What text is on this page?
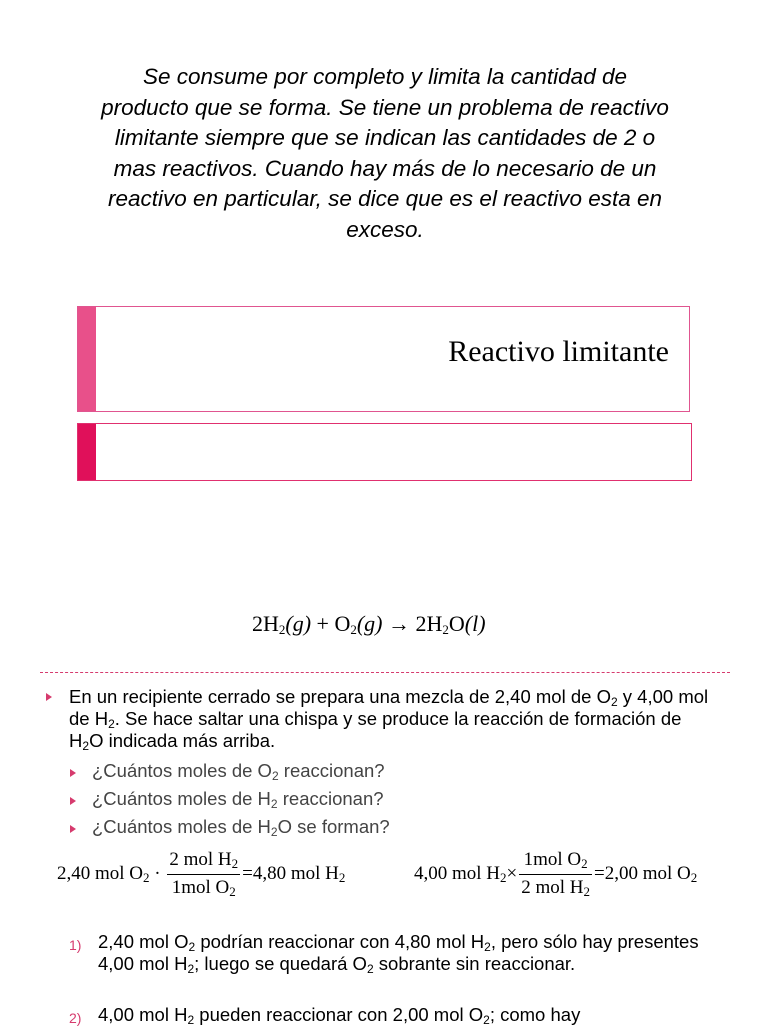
Se consume por completo y limita la cantidad de producto que se forma. Se tiene un problema de reactivo limitante siempre que se indican las cantidades de 2 o mas reactivos. Cuando hay más de lo necesario de un reactivo en particular, se dice que es el reactivo esta en exceso.
Reactivo limitante
$2H_2(g) + O_2(g) \to 2H_2O(l)$
En un recipiente cerrado se prepara una mezcla de 2,40 mol de $O_2$ y 4,00 mol de $H_2$. Se hace saltar una chispa y se produce la reacción de formación de $H_2O$ indicada más arriba.
¿Cuántos moles de $O_2$ reaccionan?
¿Cuántos moles de $H_2$ reaccionan?
¿Cuántos moles de $H_2O$ se forman?
2,40 mol $O_2 \cdot \frac{2 mol H_2}{1mol O_2} =4,80$ mol $H_2$	4,00 mol $H_2\times \frac{1mol O_2}{2 mol H_2} =2,00$ mol $O_2$
1) 2,40 mol $O_2$ podrían reaccionar con 4,80 mol $H_2$, pero sólo hay presentes 4,00 mol $H_2$; luego se quedará $O_2$ sobrante sin reaccionar.
2) 4,00 mol $H_2$ pueden reaccionar con 2,00 mol $O_2$; como hay
